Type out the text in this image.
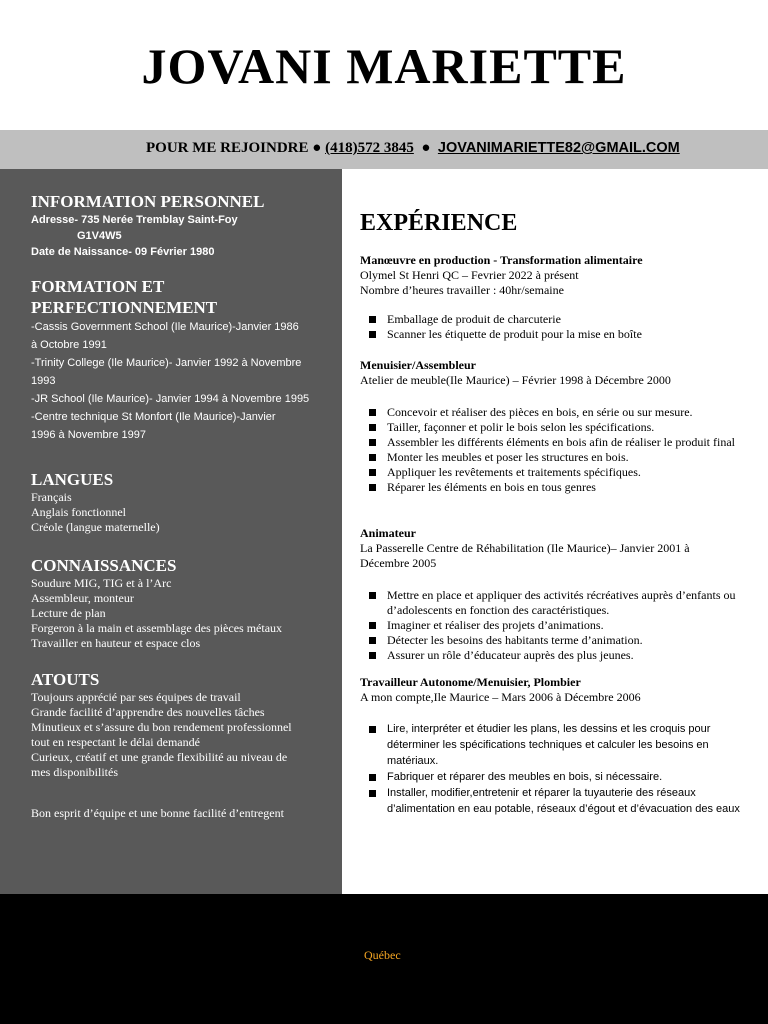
JOVANI MARIETTE
POUR ME REJOINDRE ● (418)572 3845 ● JOVANIMARIETTE82@GMAIL.COM
INFORMATION PERSONNEL
Adresse- 735 Nerée Tremblay Saint-Foy
G1V4W5
Date de Naissance- 09 Février 1980
FORMATION ET
PERFECTIONNEMENT
-Cassis Government School (Ile Maurice)-Janvier 1986
à Octobre 1991
-Trinity College (Ile Maurice)- Janvier 1992 à Novembre
1993
-JR School (Ile Maurice)- Janvier 1994 à Novembre 1995
-Centre technique St Monfort (Ile Maurice)-Janvier
1996 à Novembre 1997
LANGUES
Français
Anglais fonctionnel
Créole (langue maternelle)
CONNAISSANCES
Soudure MIG, TIG et à l’Arc
Assembleur, monteur
Lecture de plan
Forgeron à la main et assemblage des pièces métaux
Travailler en hauteur et espace clos
ATOUTS
Toujours apprécié par ses équipes de travail
Grande facilité d’apprendre des nouvelles tâches
Minutieux et s’assure du bon rendement professionnel
tout en respectant le délai demandé
Curieux, créatif et une grande flexibilité au niveau de
mes disponibilités
Bon esprit d’équipe et une bonne facilité d’entregent
EXPÉRIENCE
Manœuvre en production - Transformation alimentaire
Olymel St Henri QC – Fevrier 2022 à présent
Nombre d’heures travailler : 40hr/semaine
Emballage de produit de charcuterie
Scanner les étiquette de produit pour la mise en boîte
Menuisier/Assembleur
Atelier de meuble(Ile Maurice) – Février 1998 à Décembre 2000
Concevoir et réaliser des pièces en bois, en série ou sur mesure.
Tailler, façonner et polir le bois selon les spécifications.
Assembler les différents éléments en bois afin de réaliser le produit final
Monter les meubles et poser les structures en bois.
Appliquer les revêtements et traitements spécifiques.
Réparer les éléments en bois en tous genres
Animateur
La Passerelle Centre de Réhabilitation (Ile Maurice)– Janvier 2001 à Décembre 2005
Mettre en place et appliquer des activités récréatives auprès d’enfants ou d’adolescents en fonction des caractéristiques.
Imaginer et réaliser des projets d’animations.
Détecter les besoins des habitants terme d’animation.
Assurer un rôle d’éducateur auprès des plus jeunes.
Travailleur Autonome/Menuisier, Plombier
A mon compte,Ile Maurice – Mars 2006 à Décembre 2006
Lire, interpréter et étudier les plans, les dessins et les croquis pour déterminer les spécifications techniques et calculer les besoins en matériaux.
Fabriquer et réparer des meubles en bois, si nécessaire.
Installer, modifier,entretenir et réparer la tuyauterie des réseaux d’alimentation en eau potable, réseaux d’égout et d’évacuation des eaux
Québec
